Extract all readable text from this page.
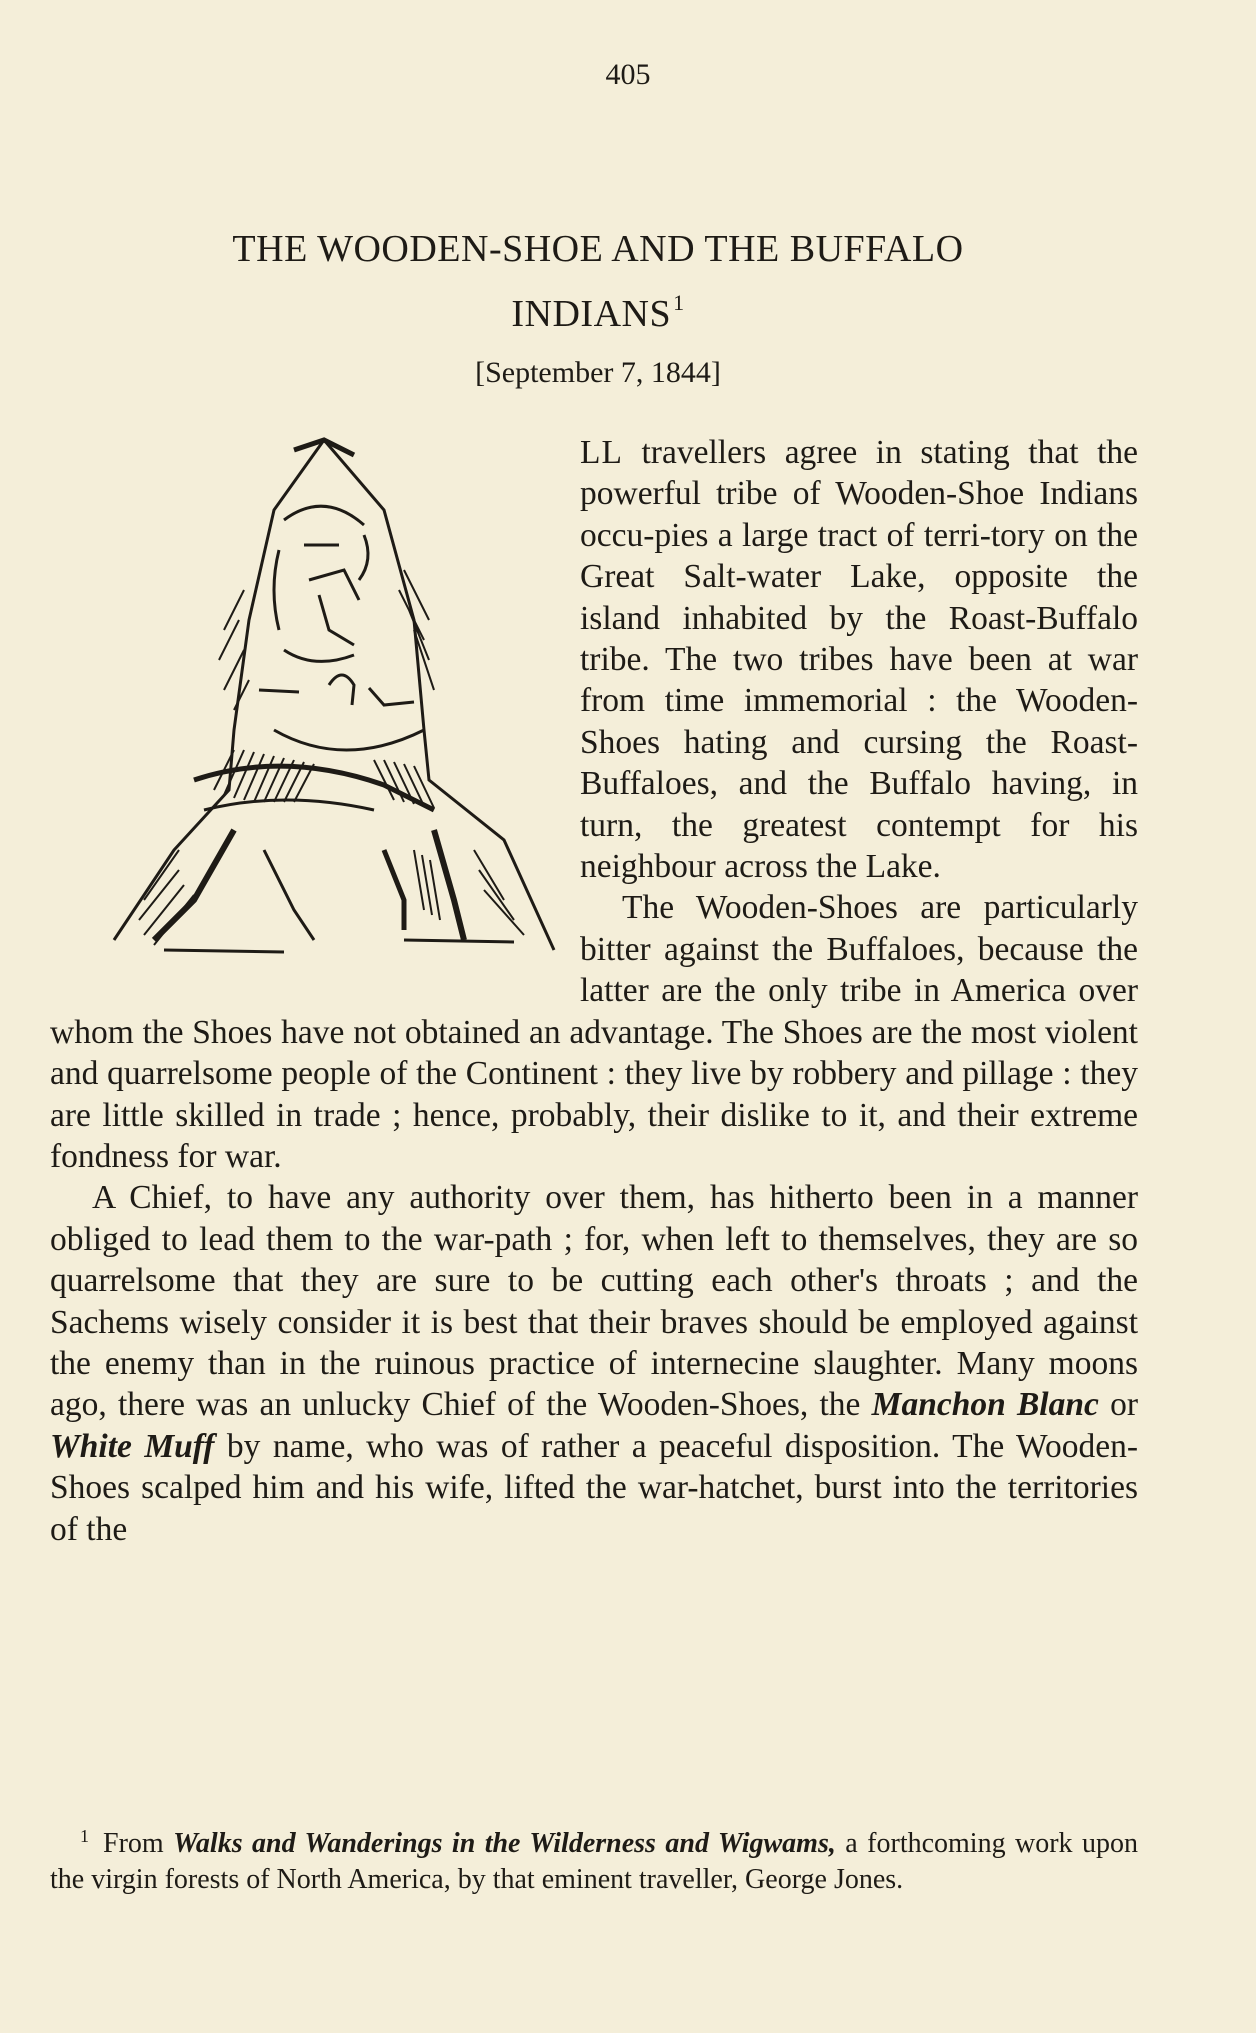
405
THE WOODEN-SHOE AND THE BUFFALO
INDIANS$^1$
[September 7, 1844]

LL travellers agree in stating that the powerful tribe of Wooden-Shoe Indians occu-pies a large tract of terri-tory on the Great Salt-water Lake, opposite the island inhabited by the Roast-Buffalo tribe. The two tribes have been at war from time immemorial : the Wooden-Shoes hating and cursing the Roast-Buffaloes, and the Buffalo having, in turn, the greatest contempt for his neighbour across the Lake.

The Wooden-Shoes are particularly bitter against the Buffaloes, because the latter are the only tribe in America over whom the Shoes have not obtained an advantage. The Shoes are the most violent and quarrelsome people of the Continent : they live by robbery and pillage : they are little skilled in trade ; hence, probably, their dislike to it, and their extreme fondness for war.

A Chief, to have any authority over them, has hitherto been in a manner obliged to lead them to the war-path ; for, when left to themselves, they are so quarrelsome that they are sure to be cutting each other's throats ; and the Sachems wisely consider it is best that their braves should be employed against the enemy than in the ruinous practice of internecine slaughter. Many moons ago, there was an unlucky Chief of the Wooden-Shoes, the Manchon Blanc or White Muff by name, who was of rather a peaceful disposition. The Wooden-Shoes scalped him and his wife, lifted the war-hatchet, burst into the territories of the

$^1$ From Walks and Wanderings in the Wilderness and Wigwams, a forthcoming work upon the virgin forests of North America, by that eminent traveller, George Jones.
